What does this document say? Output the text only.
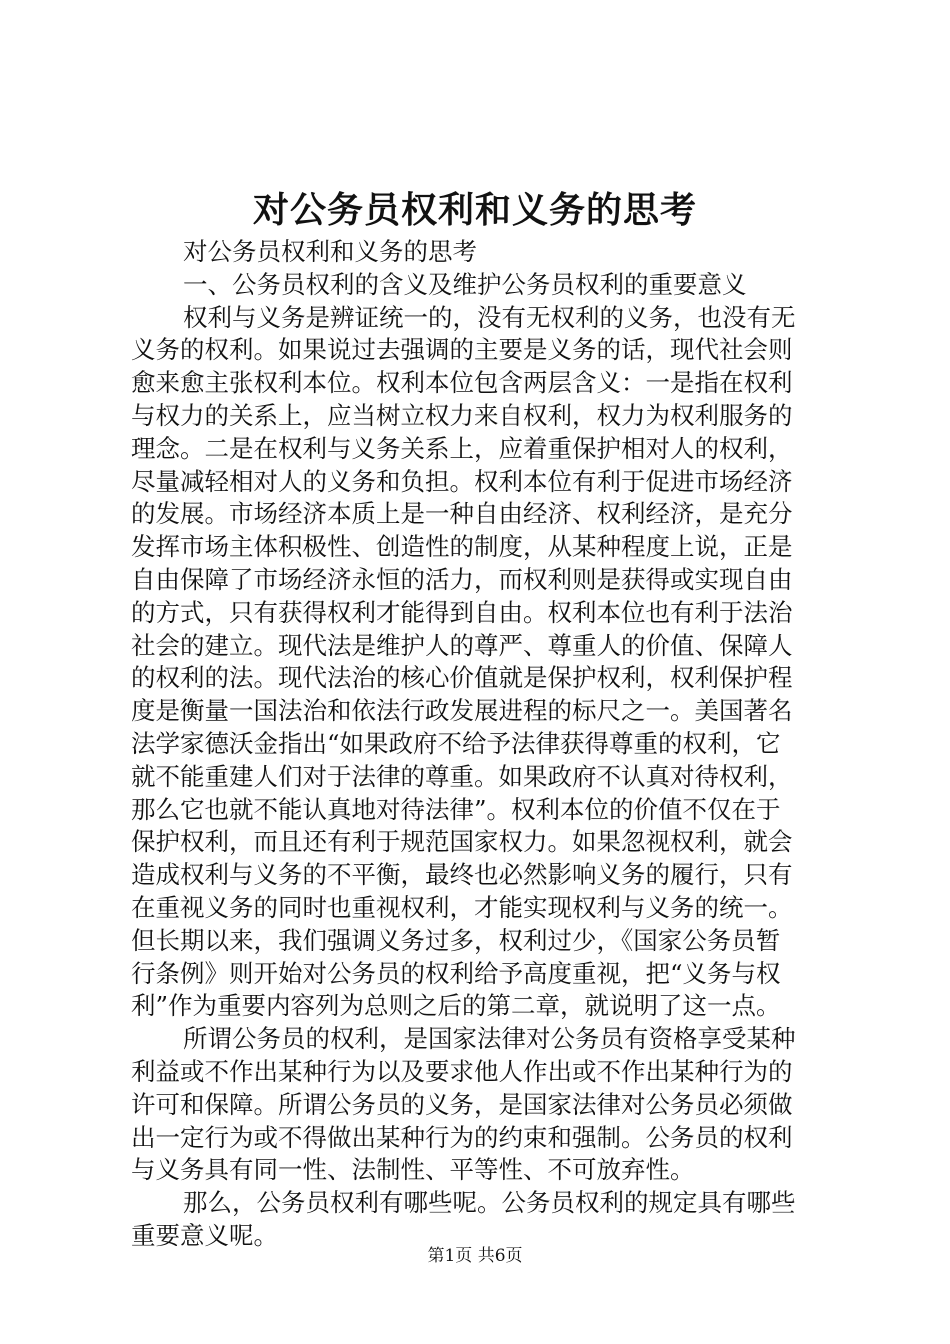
对公务员权利和义务的思考
对公务员权利和义务的思考
一、公务员权利的含义及维护公务员权利的重要意义
权利与义务是辨证统一的，没有无权利的义务，也没有无
义务的权利。如果说过去强调的主要是义务的话，现代社会则
愈来愈主张权利本位。权利本位包含两层含义：一是指在权利
与权力的关系上，应当树立权力来自权利，权力为权利服务的
理念。二是在权利与义务关系上，应着重保护相对人的权利，
尽量减轻相对人的义务和负担。权利本位有利于促进市场经济
的发展。市场经济本质上是一种自由经济、权利经济，是充分
发挥市场主体积极性、创造性的制度，从某种程度上说，正是
自由保障了市场经济永恒的活力，而权利则是获得或实现自由
的方式，只有获得权利才能得到自由。权利本位也有利于法治
社会的建立。现代法是维护人的尊严、尊重人的价值、保障人
的权利的法。现代法治的核心价值就是保护权利，权利保护程
度是衡量一国法治和依法行政发展进程的标尺之一。美国著名
法学家德沃金指出“如果政府不给予法律获得尊重的权利，它
就不能重建人们对于法律的尊重。如果政府不认真对待权利，
那么它也就不能认真地对待法律”。权利本位的价值不仅在于
保护权利，而且还有利于规范国家权力。如果忽视权利，就会
造成权利与义务的不平衡，最终也必然影响义务的履行，只有
在重视义务的同时也重视权利，才能实现权利与义务的统一。
但长期以来，我们强调义务过多，权利过少，《国家公务员暂
行条例》则开始对公务员的权利给予高度重视，把“义务与权
利”作为重要内容列为总则之后的第二章，就说明了这一点。
所谓公务员的权利，是国家法律对公务员有资格享受某种
利益或不作出某种行为以及要求他人作出或不作出某种行为的
许可和保障。所谓公务员的义务，是国家法律对公务员必须做
出一定行为或不得做出某种行为的约束和强制。公务员的权利
与义务具有同一性、法制性、平等性、不可放弃性。
那么，公务员权利有哪些呢。公务员权利的规定具有哪些
重要意义呢。
第1页 共6页
